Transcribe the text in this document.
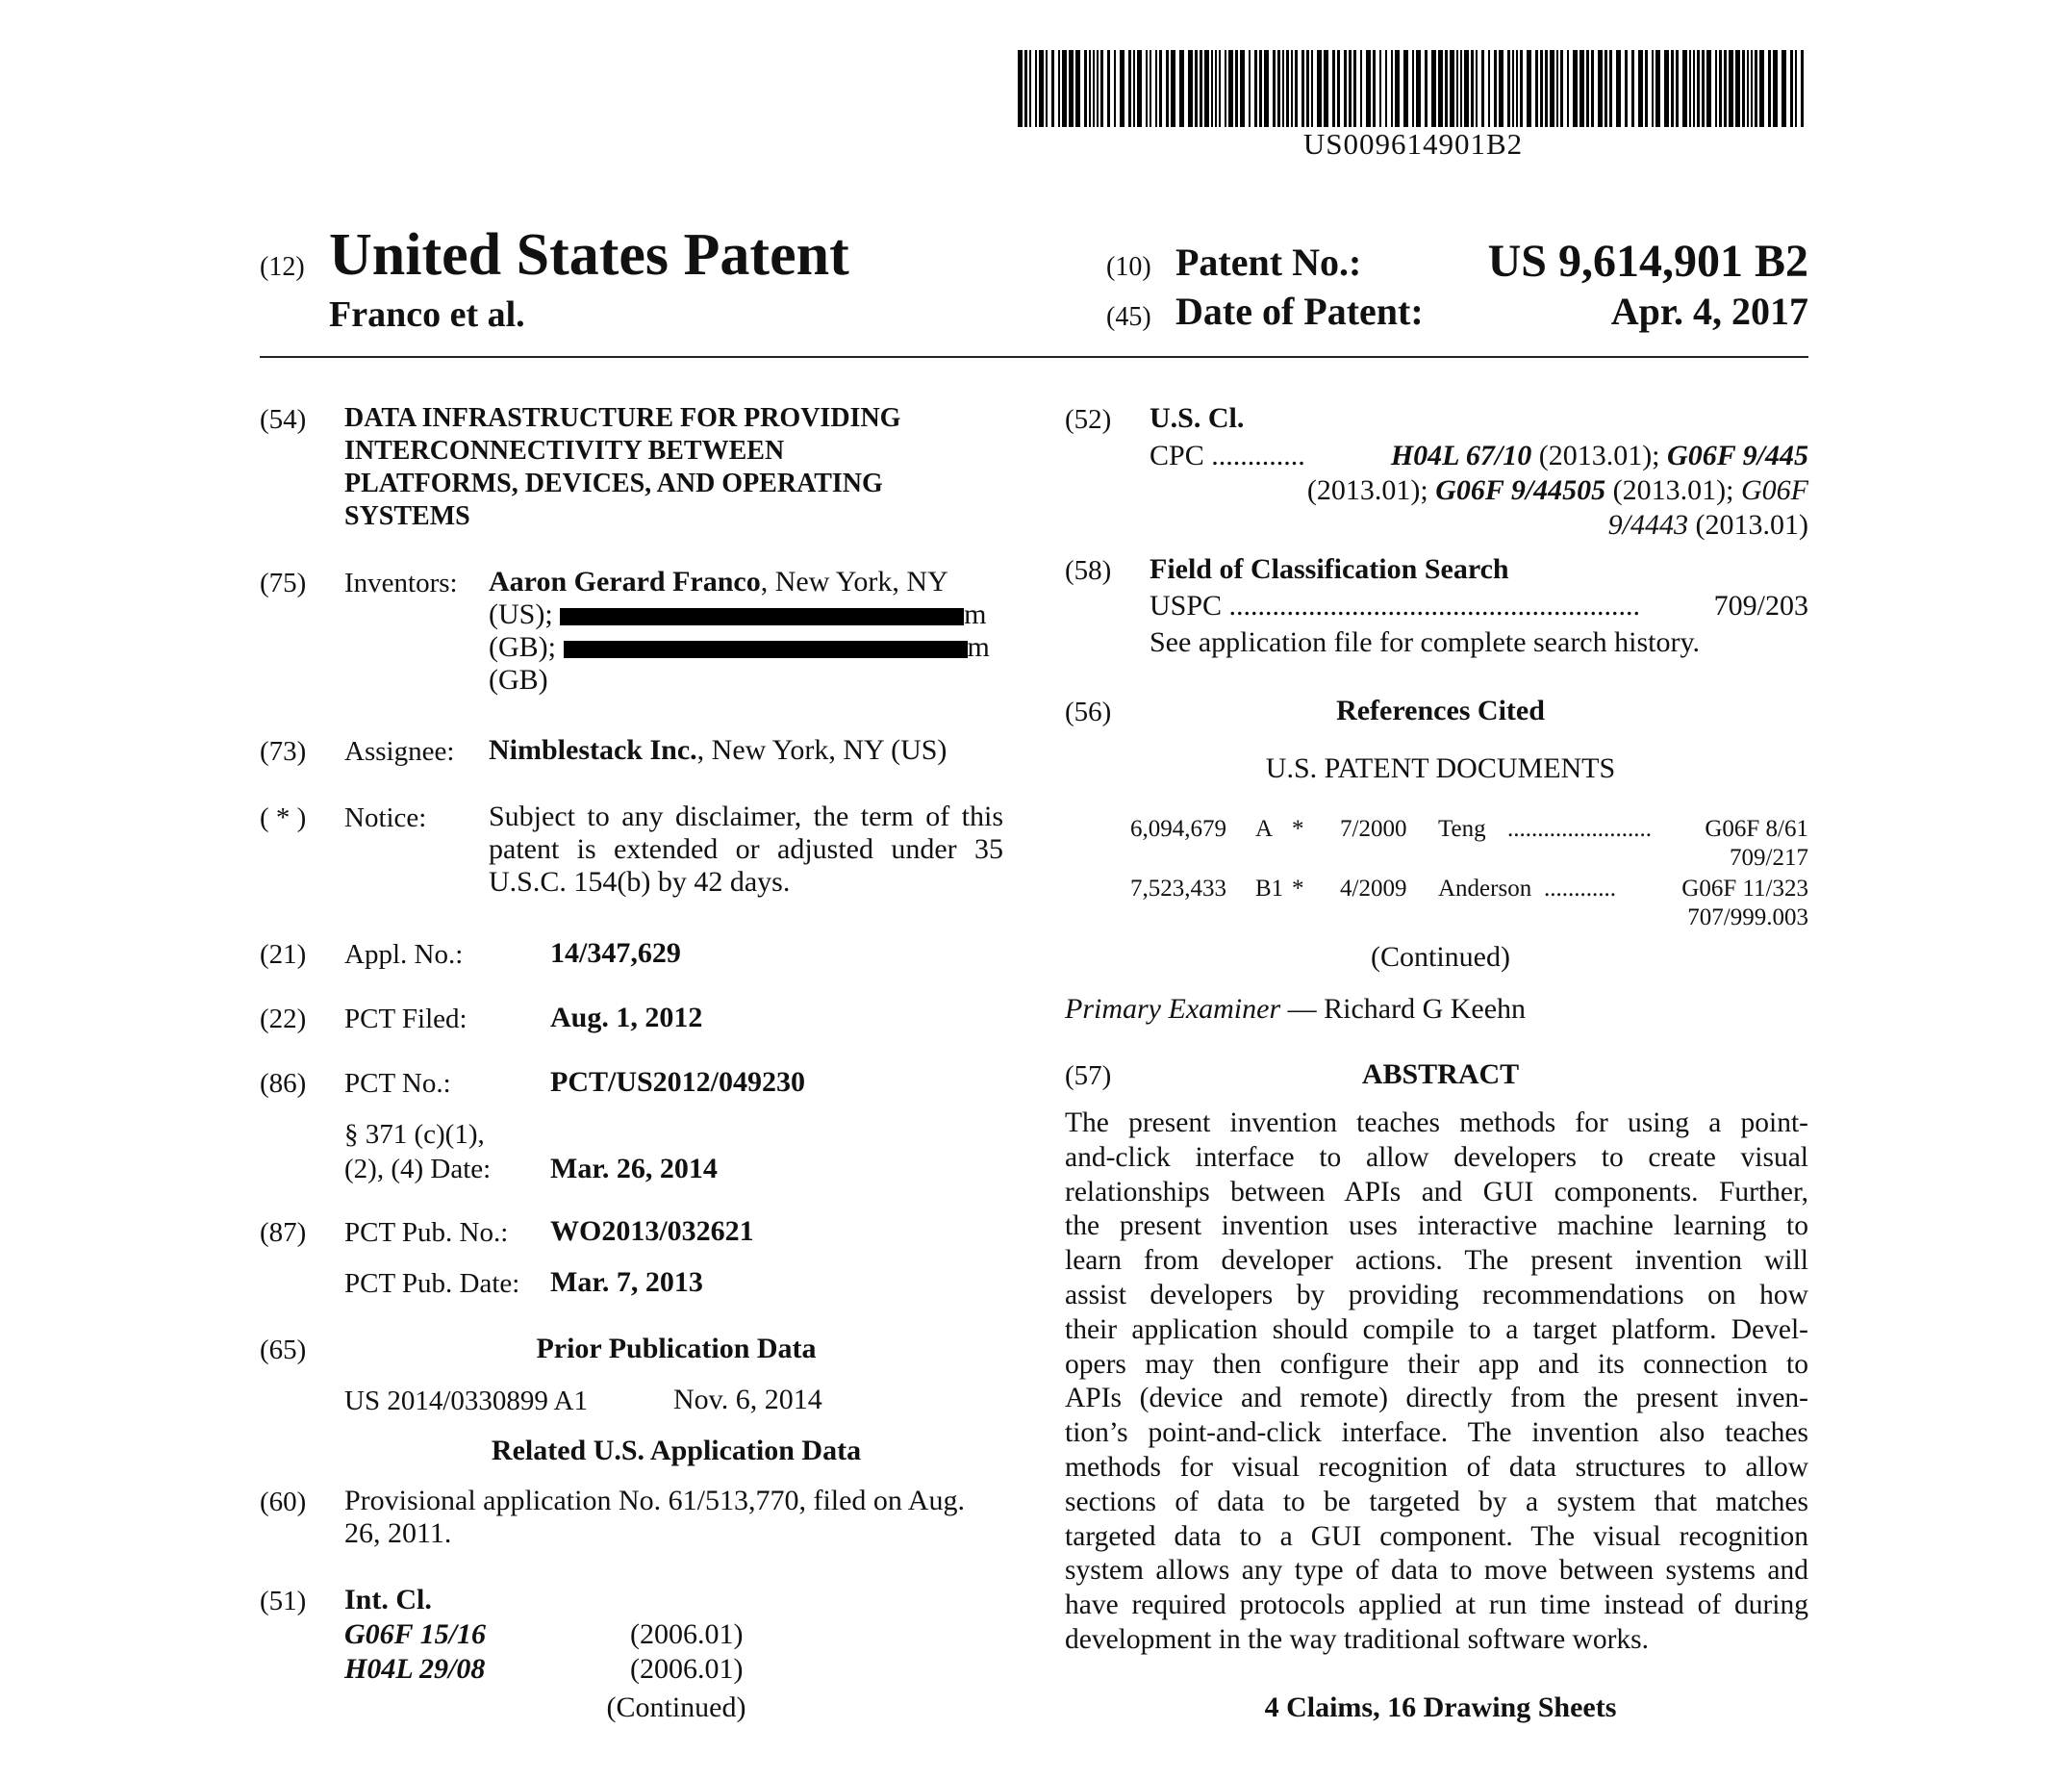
US009614901B2
(12) United States Patent
Franco et al.
(10) Patent No.:	US 9,614,901 B2
(45) Date of Patent:	Apr. 4, 2017
(54) DATA INFRASTRUCTURE FOR PROVIDING
INTERCONNECTIVITY BETWEEN
PLATFORMS, DEVICES, AND OPERATING
SYSTEMS
(75) Inventors: Aaron Gerard Franco, New York, NY
(US);	m
(GB);	m
(GB)
(73) Assignee: Nimblestack Inc., New York, NY (US)
( * ) Notice: Subject to any disclaimer, the term of this
patent is extended or adjusted under 35
U.S.C. 154(b) by 42 days.
(21) Appl. No.:	14/347,629
(22) PCT Filed:	Aug. 1, 2012
(86) PCT No.:	PCT/US2012/049230
§ 371 (c)(1),
(2), (4) Date: Mar. 26, 2014
(87) PCT Pub. No.: WO2013/032621
PCT Pub. Date: Mar. 7, 2013
(65)	Prior Publication Data
US 2014/0330899 A1	Nov. 6, 2014
Related U.S. Application Data
(60) Provisional application No. 61/513,770, filed on Aug.
26, 2011.
(51) Int. Cl.
G06F 15/16	(2006.01)
H04L 29/08	(2006.01)
(Continued)
(52) U.S. Cl.
CPC .............	H04L 67/10 (2013.01); G06F 9/445
(2013.01); G06F 9/44505 (2013.01); G06F
9/4443 (2013.01)
(58) Field of Classification Search
USPC .........................................................	709/203
See application file for complete search history.
(56)	References Cited
U.S. PATENT DOCUMENTS
6,094,679 A * 7/2000 Teng ........................ G06F 8/61
709/217
7,523,433 B1 * 4/2009 Anderson ............	G06F 11/323
707/999.003
(Continued)
Primary Examiner — Richard G Keehn
(57)	ABSTRACT
The present invention teaches methods for using a point-
and-click interface to allow developers to create visual
relationships between APIs and GUI components. Further,
the present invention uses interactive machine learning to
learn from developer actions. The present invention will
assist developers by providing recommendations on how
their application should compile to a target platform. Devel-
opers may then configure their app and its connection to
APIs (device and remote) directly from the present inven-
tion’s point-and-click interface. The invention also teaches
methods for visual recognition of data structures to allow
sections of data to be targeted by a system that matches
targeted data to a GUI component. The visual recognition
system allows any type of data to move between systems and
have required protocols applied at run time instead of during
development in the way traditional software works.
4 Claims, 16 Drawing Sheets
